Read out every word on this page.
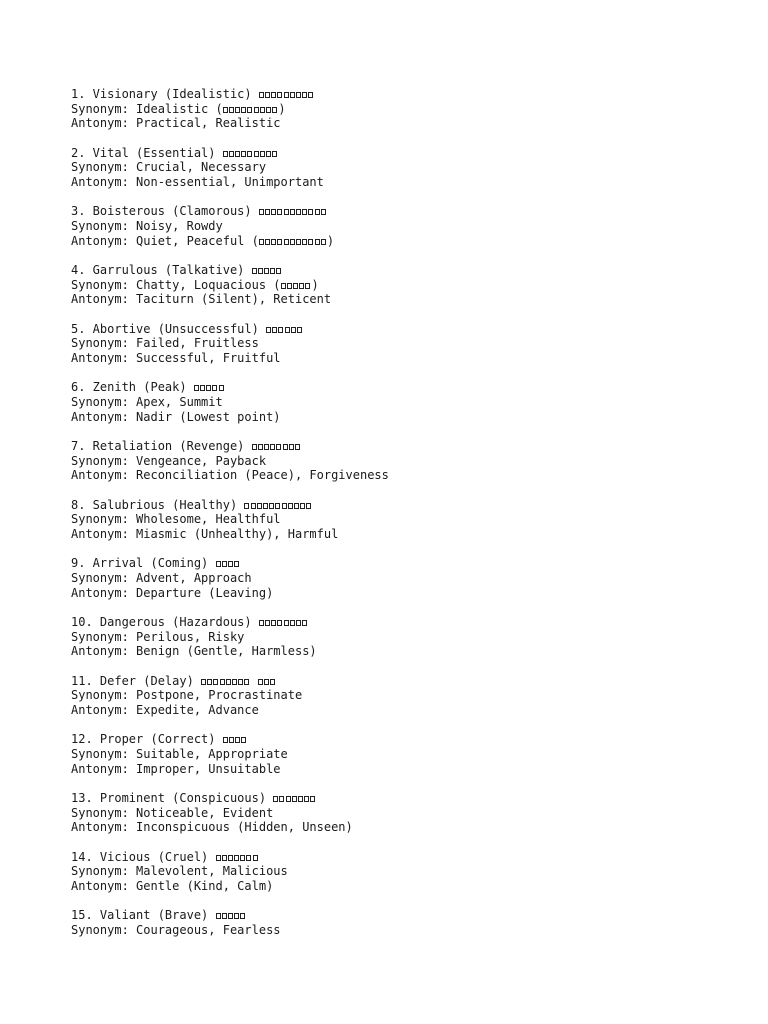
1. Visionary (Idealistic)
Synonym: Idealistic (	)
Antonym: Practical, Realistic
2. Vital (Essential)
Synonym: Crucial, Necessary
Antonym: Non-essential, Unimportant
3. Boisterous (Clamorous)
Synonym: Noisy, Rowdy
Antonym: Quiet, Peaceful (	)
4. Garrulous (Talkative)
Synonym: Chatty, Loquacious (	)
Antonym: Taciturn (Silent), Reticent
5. Abortive (Unsuccessful)
Synonym: Failed, Fruitless
Antonym: Successful, Fruitful
6. Zenith (Peak)
Synonym: Apex, Summit
Antonym: Nadir (Lowest point)
7. Retaliation (Revenge)
Synonym: Vengeance, Payback
Antonym: Reconciliation (Peace), Forgiveness
8. Salubrious (Healthy)
Synonym: Wholesome, Healthful
Antonym: Miasmic (Unhealthy), Harmful
9. Arrival (Coming)
Synonym: Advent, Approach
Antonym: Departure (Leaving)
10. Dangerous (Hazardous)
Synonym: Perilous, Risky
Antonym: Benign (Gentle, Harmless)
11. Defer (Delay)
Synonym: Postpone, Procrastinate
Antonym: Expedite, Advance
12. Proper (Correct)
Synonym: Suitable, Appropriate
Antonym: Improper, Unsuitable
13. Prominent (Conspicuous)
Synonym: Noticeable, Evident
Antonym: Inconspicuous (Hidden, Unseen)
14. Vicious (Cruel)
Synonym: Malevolent, Malicious
Antonym: Gentle (Kind, Calm)
15. Valiant (Brave)
Synonym: Courageous, Fearless
